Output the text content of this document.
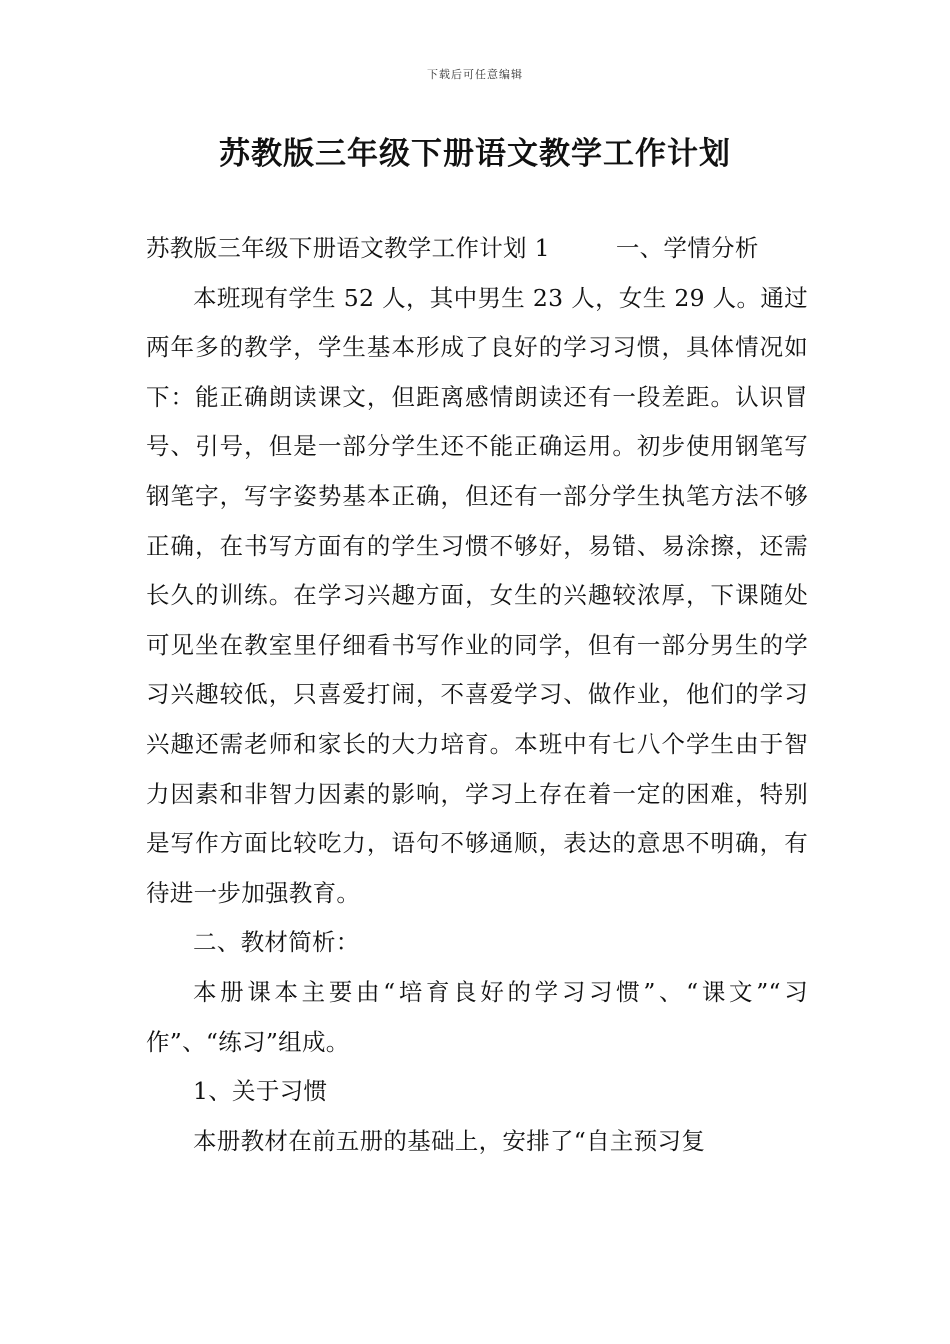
下载后可任意编辑
苏教版三年级下册语文教学工作计划

苏教版三年级下册语文教学工作计划 1	一、学情分析

本班现有学生 52 人，其中男生 23 人，女生 29 人。通过两年多的教学，学生基本形成了良好的学习习惯，具体情况如下：能正确朗读课文，但距离感情朗读还有一段差距。认识冒号、引号，但是一部分学生还不能正确运用。初步使用钢笔写钢笔字，写字姿势基本正确，但还有一部分学生执笔方法不够正确，在书写方面有的学生习惯不够好，易错、易涂擦，还需长久的训练。在学习兴趣方面，女生的兴趣较浓厚，下课随处可见坐在教室里仔细看书写作业的同学，但有一部分男生的学习兴趣较低，只喜爱打闹，不喜爱学习、做作业，他们的学习兴趣还需老师和家长的大力培育。本班中有七八个学生由于智力因素和非智力因素的影响，学习上存在着一定的困难，特别是写作方面比较吃力，语句不够通顺，表达的意思不明确，有待进一步加强教育。

二、教材简析：

本册课本主要由“培育良好的学习习惯”、“课文”“习作”、“练习”组成。

1、关于习惯

本册教材在前五册的基础上，安排了“自主预习复
